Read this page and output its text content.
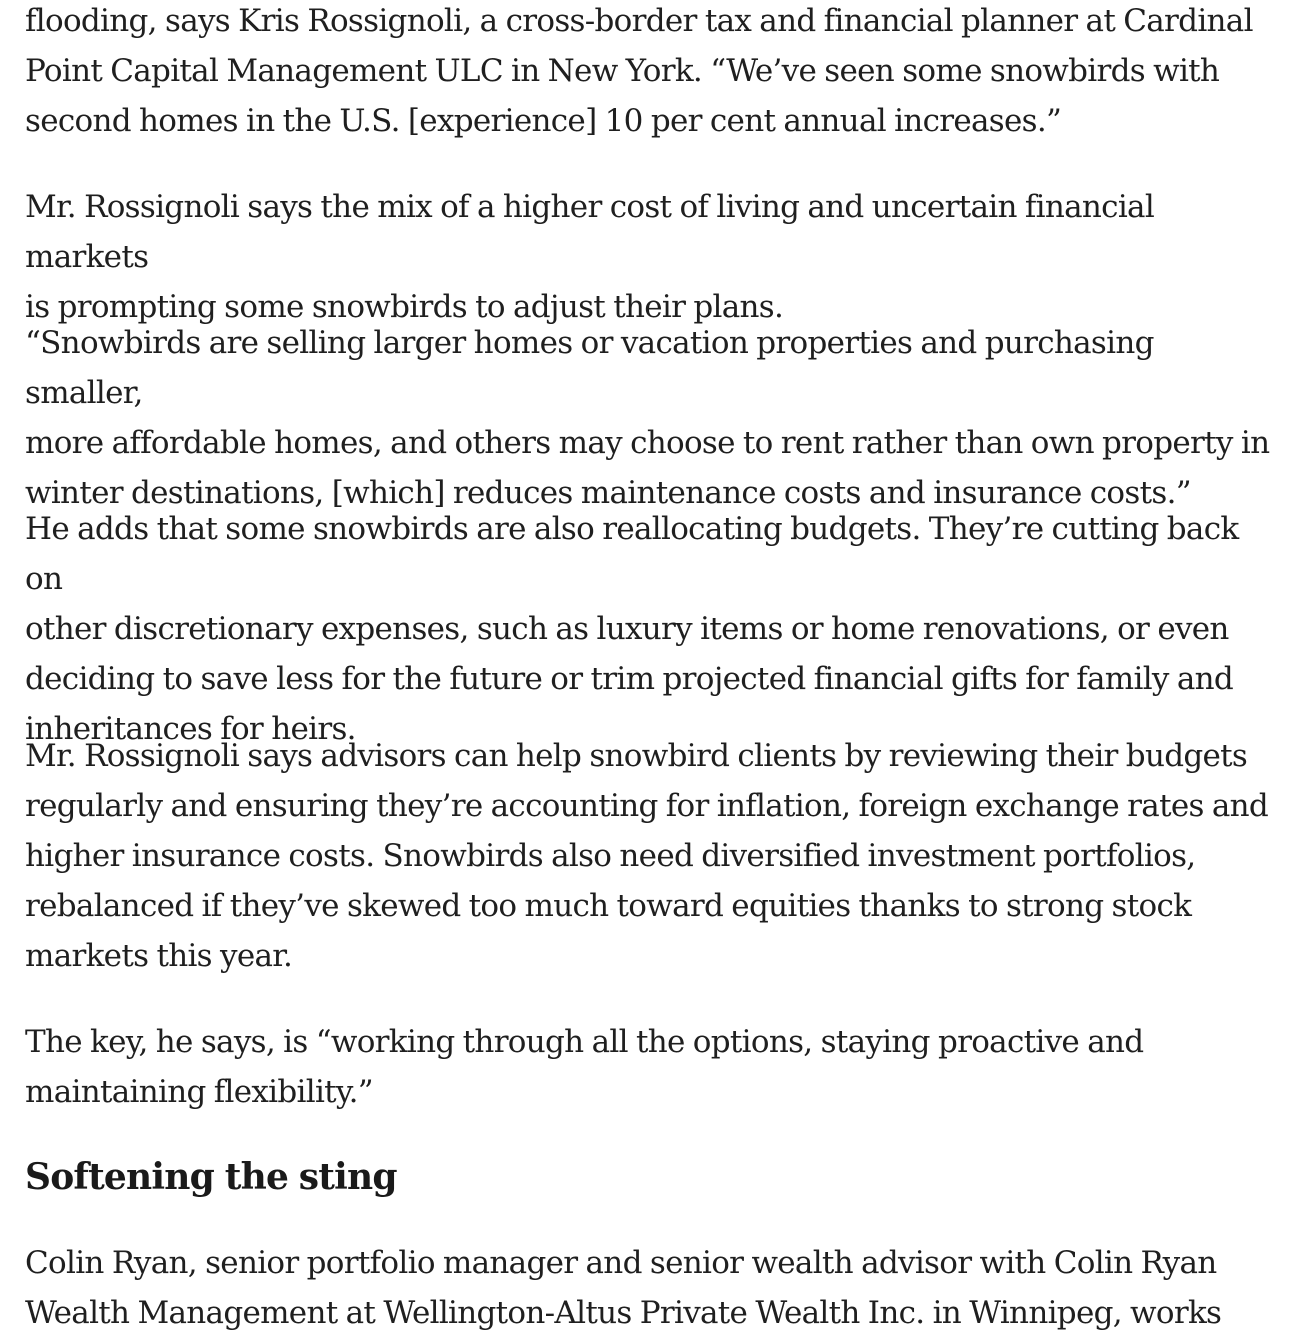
flooding, says Kris Rossignoli, a cross-border tax and financial planner at Cardinal
Point Capital Management ULC in New York. “We’ve seen some snowbirds with
second homes in the U.S. [experience] 10 per cent annual increases.”

Mr. Rossignoli says the mix of a higher cost of living and uncertain financial markets
is prompting some snowbirds to adjust their plans.

“Snowbirds are selling larger homes or vacation properties and purchasing smaller,
more affordable homes, and others may choose to rent rather than own property in
winter destinations, [which] reduces maintenance costs and insurance costs.”

He adds that some snowbirds are also reallocating budgets. They’re cutting back on
other discretionary expenses, such as luxury items or home renovations, or even
deciding to save less for the future or trim projected financial gifts for family and
inheritances for heirs.

Mr. Rossignoli says advisors can help snowbird clients by reviewing their budgets
regularly and ensuring they’re accounting for inflation, foreign exchange rates and
higher insurance costs. Snowbirds also need diversified investment portfolios,
rebalanced if they’ve skewed too much toward equities thanks to strong stock
markets this year.

The key, he says, is “working through all the options, staying proactive and
maintaining flexibility.”

Softening the sting

Colin Ryan, senior portfolio manager and senior wealth advisor with Colin Ryan
Wealth Management at Wellington-Altus Private Wealth Inc. in Winnipeg, works
